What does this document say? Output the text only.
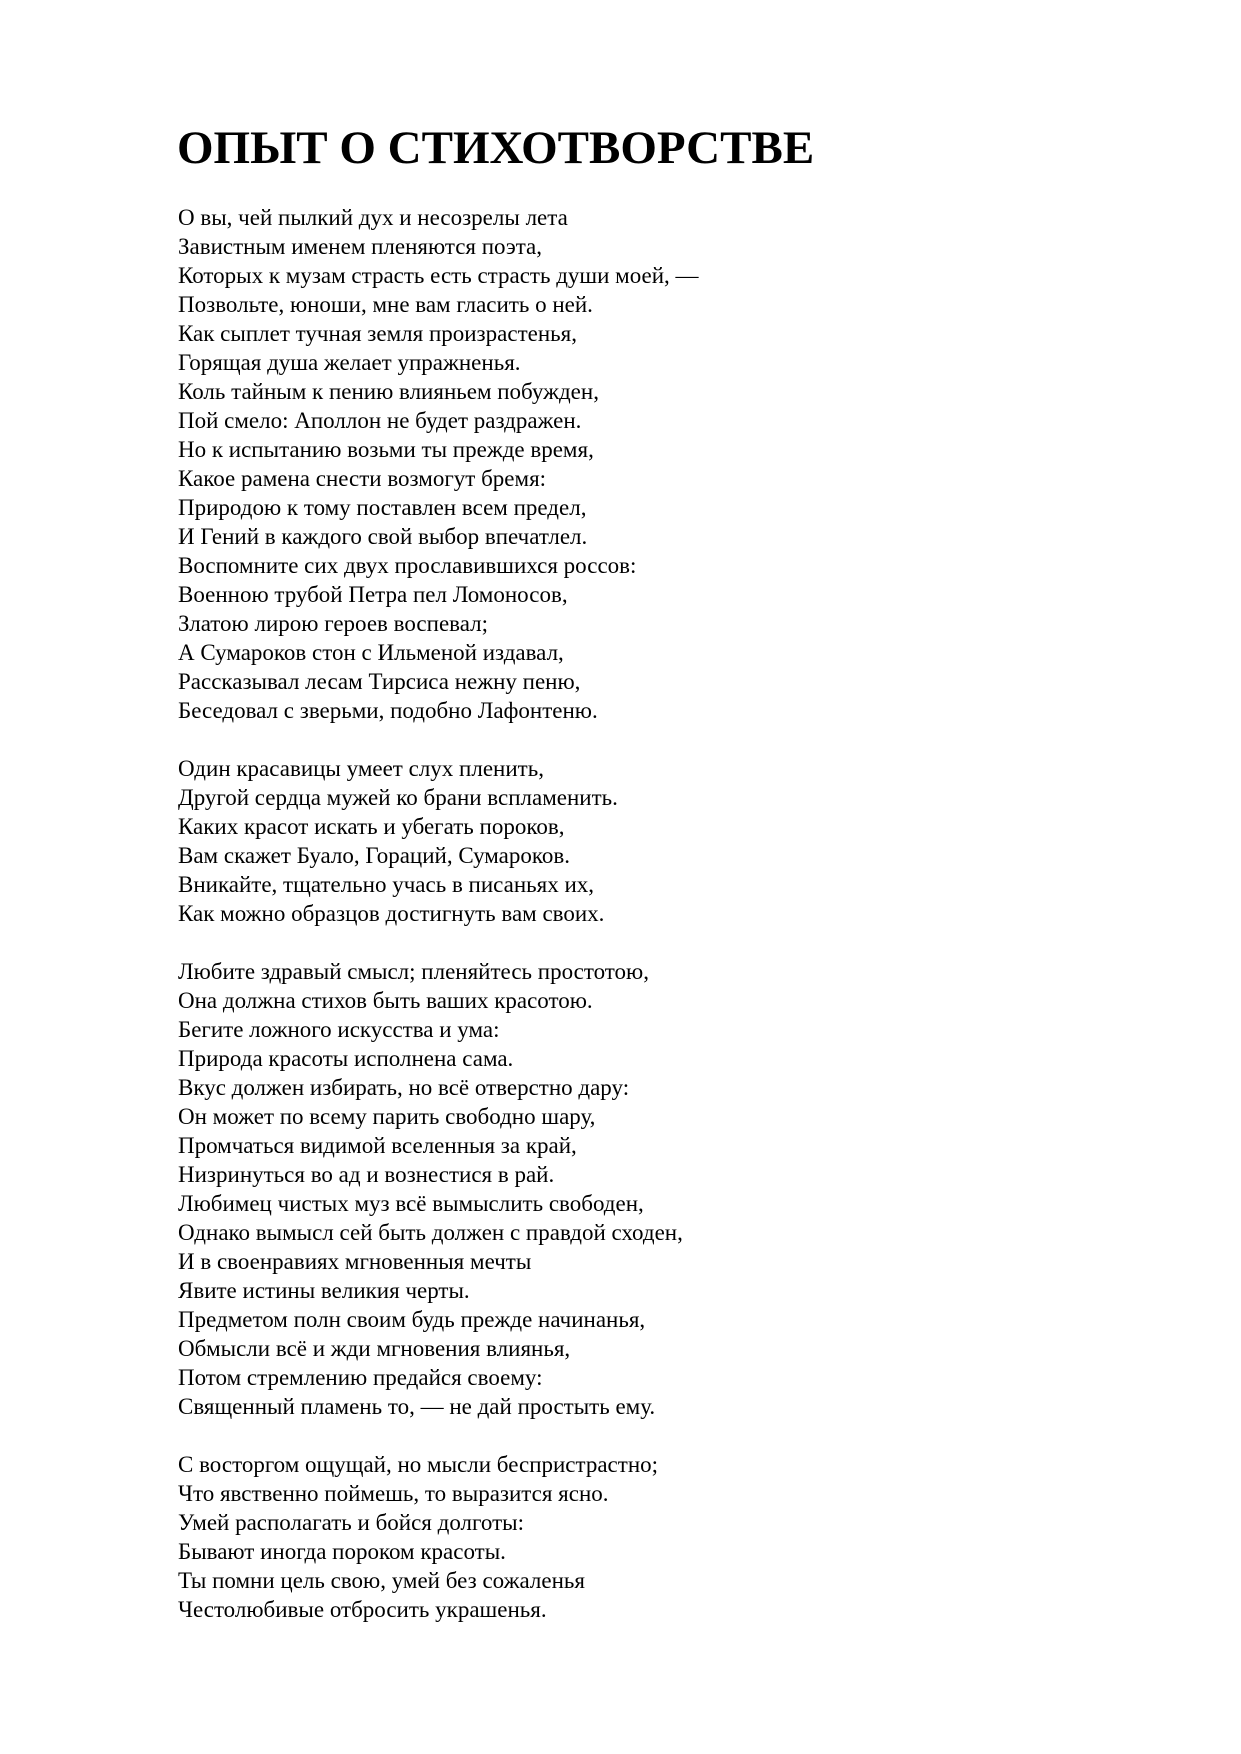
ОПЫТ О СТИХОТВОРСТВЕ
О вы, чей пылкий дух и несозрелы лета
Завистным именем пленяются поэта,
Которых к музам страсть есть страсть души моей, —
Позвольте, юноши, мне вам гласить о ней.
Как сыплет тучная земля произрастенья,
Горящая душа желает упражненья.
Коль тайным к пению влияньем побужден,
Пой смело: Аполлон не будет раздражен.
Но к испытанию возьми ты прежде время,
Какое рамена снести возмогут бремя:
Природою к тому поставлен всем предел,
И Гений в каждого свой выбор впечатлел.
Воспомните сих двух прославившихся россов:
Военною трубой Петра пел Ломоносов,
Златою лирою героев воспевал;
А Сумароков стон с Ильменой издавал,
Рассказывал лесам Тирсиса нежну пеню,
Беседовал с зверьми, подобно Лафонтеню.
Один красавицы умеет слух пленить,
Другой сердца мужей ко брани вспламенить.
Каких красот искать и убегать пороков,
Вам скажет Буало, Гораций, Сумароков.
Вникайте, тщательно учась в писаньях их,
Как можно образцов достигнуть вам своих.
Любите здравый смысл; пленяйтесь простотою,
Она должна стихов быть ваших красотою.
Бегите ложного искусства и ума:
Природа красоты исполнена сама.
Вкус должен избирать, но всё отверстно дару:
Он может по всему парить свободно шару,
Промчаться видимой вселенныя за край,
Низринуться во ад и вознестися в рай.
Любимец чистых муз всё вымыслить свободен,
Однако вымысл сей быть должен с правдой сходен,
И в своенравиях мгновенныя мечты
Явите истины великия черты.
Предметом полн своим будь прежде начинанья,
Обмысли всё и жди мгновения влиянья,
Потом стремлению предайся своему:
Священный пламень то, — не дай простыть ему.
С восторгом ощущай, но мысли беспристрастно;
Что явственно поймешь, то выразится ясно.
Умей располагать и бойся долготы:
Бывают иногда пороком красоты.
Ты помни цель свою, умей без сожаленья
Честолюбивые отбросить украшенья.
